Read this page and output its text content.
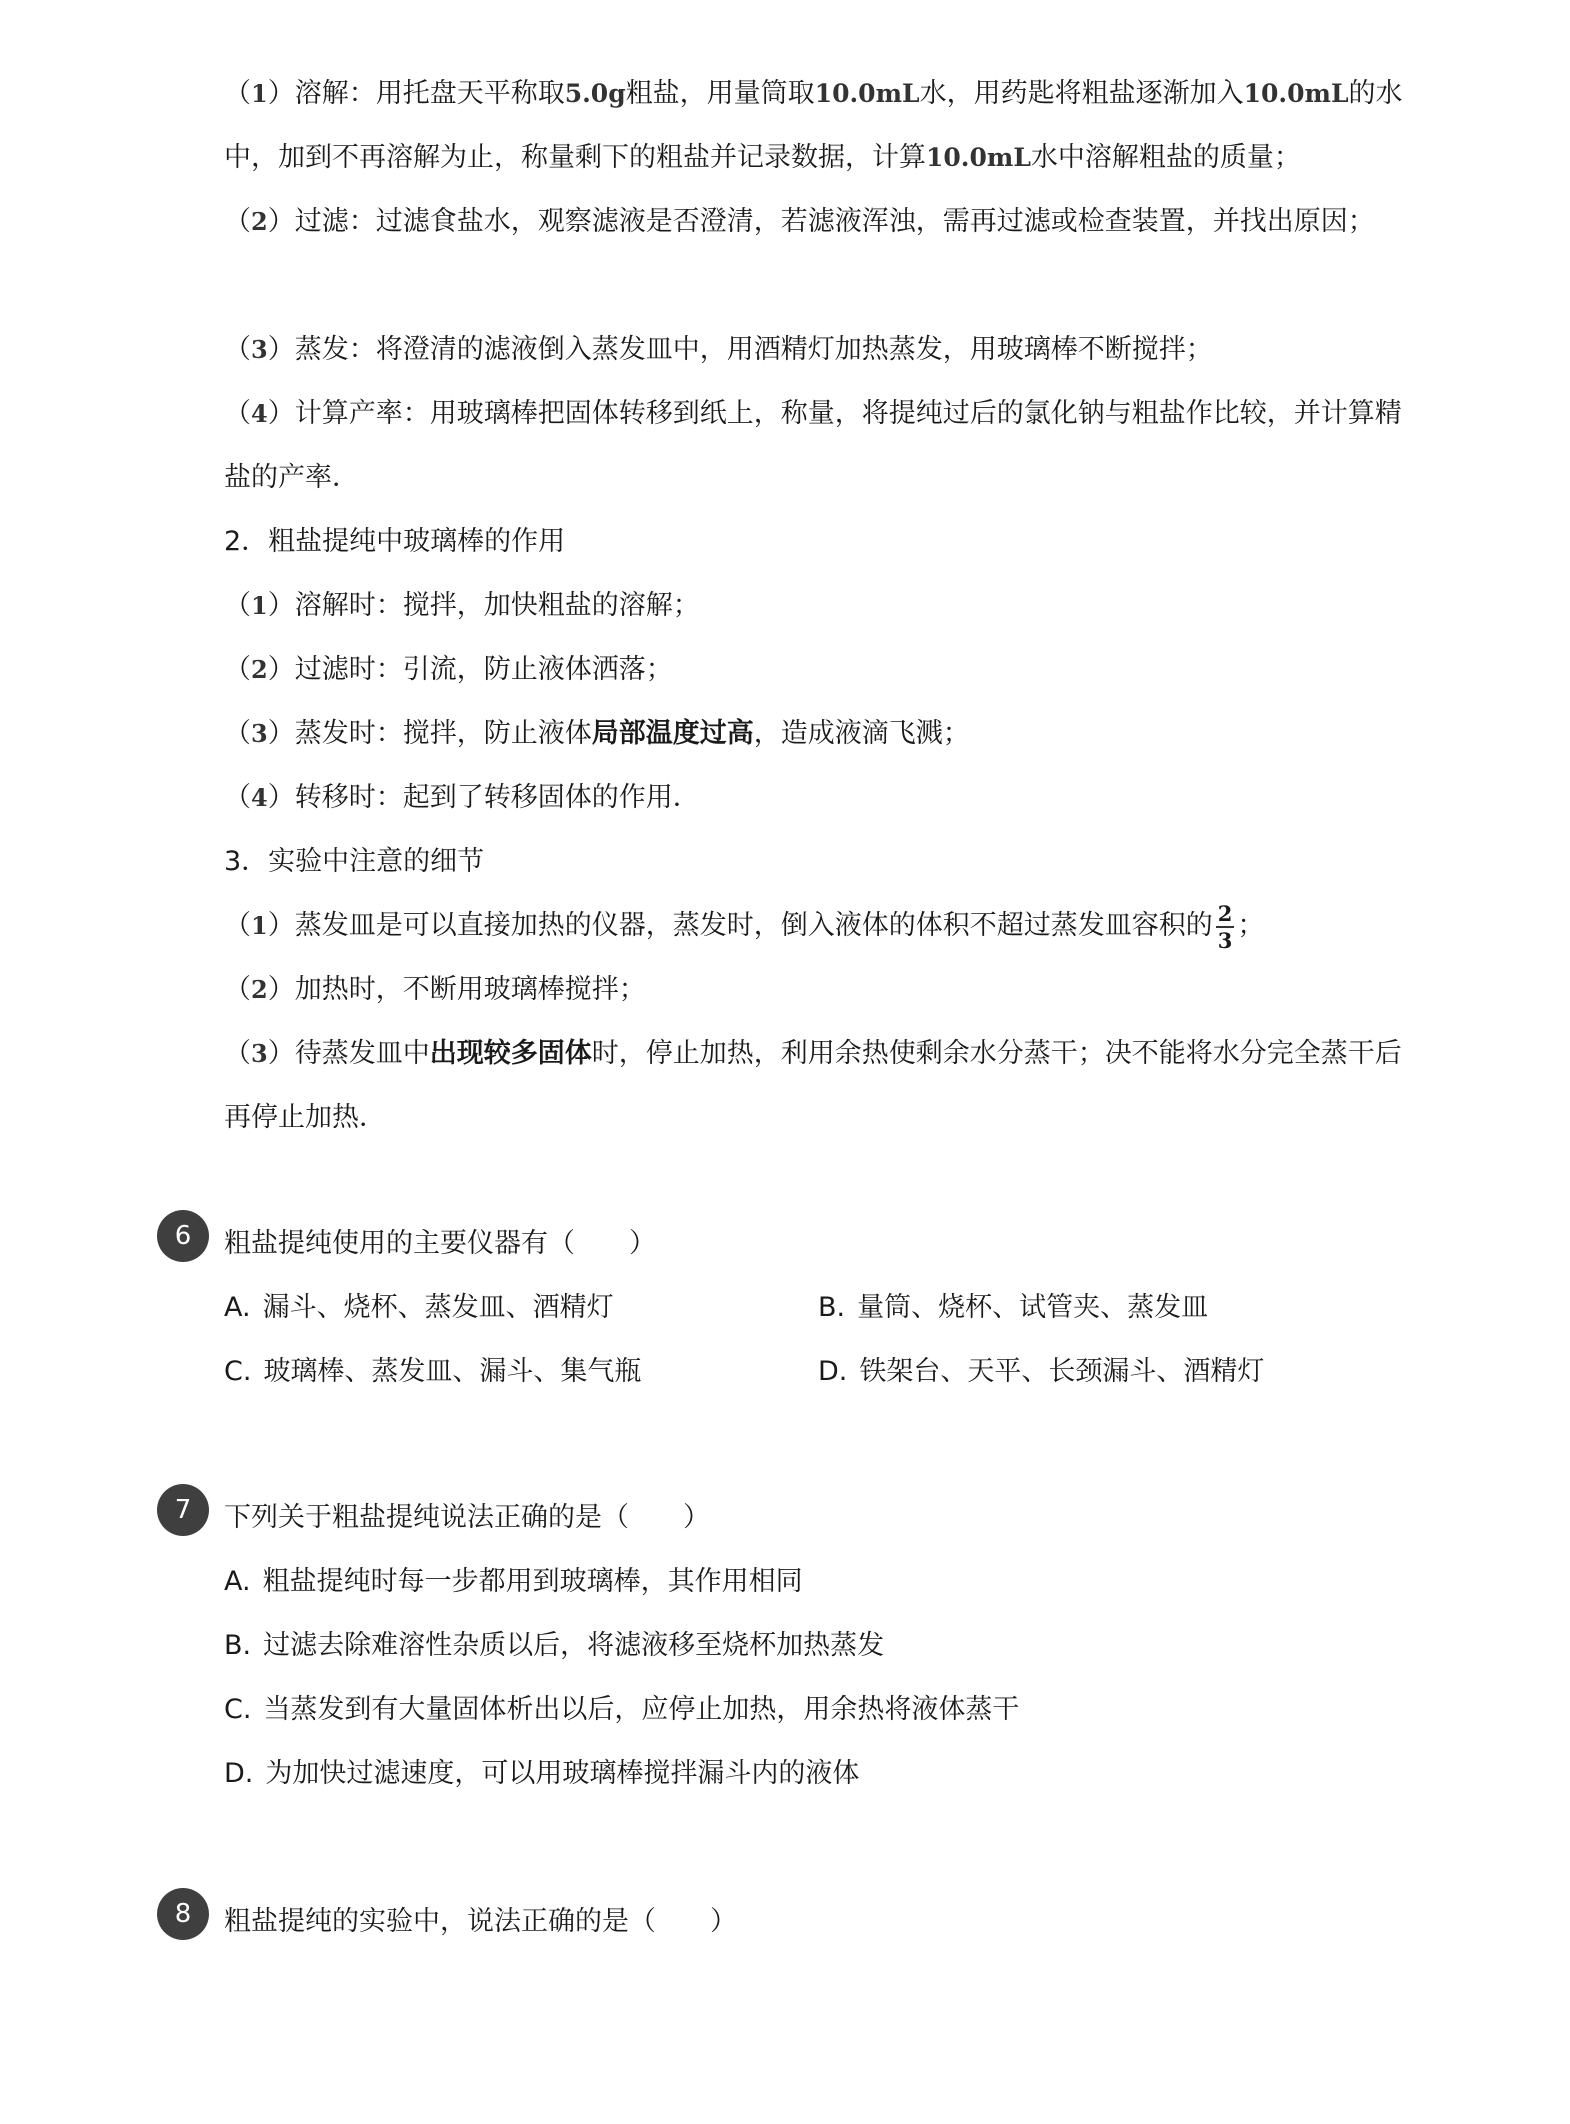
（1）溶解：用托盘天平称取5.0g粗盐，用量筒取10.0mL水，用药匙将粗盐逐渐加入10.0mL的水中，加到不再溶解为止，称量剩下的粗盐并记录数据，计算10.0mL水中溶解粗盐的质量；
（2）过滤：过滤食盐水，观察滤液是否澄清，若滤液浑浊，需再过滤或检查装置，并找出原因；
（3）蒸发：将澄清的滤液倒入蒸发皿中，用酒精灯加热蒸发，用玻璃棒不断搅拌；
（4）计算产率：用玻璃棒把固体转移到纸上，称量，将提纯过后的氯化钠与粗盐作比较，并计算精盐的产率．
2．粗盐提纯中玻璃棒的作用
（1）溶解时：搅拌，加快粗盐的溶解；
（2）过滤时：引流，防止液体洒落；
（3）蒸发时：搅拌，防止液体局部温度过高，造成液滴飞溅；
（4）转移时：起到了转移固体的作用．
3．实验中注意的细节
（1）蒸发皿是可以直接加热的仪器，蒸发时，倒入液体的体积不超过蒸发皿容积的 $\frac{2}{3}$ ；
（2）加热时，不断用玻璃棒搅拌；
（3）待蒸发皿中出现较多固体时，停止加热，利用余热使剩余水分蒸干；决不能将水分完全蒸干后再停止加热．
6	粗盐提纯使用的主要仪器有（　　）
A. 漏斗、烧杯、蒸发皿、酒精灯	B. 量筒、烧杯、试管夹、蒸发皿
C. 玻璃棒、蒸发皿、漏斗、集气瓶	D. 铁架台、天平、长颈漏斗、酒精灯
7	下列关于粗盐提纯说法正确的是（　　）
A. 粗盐提纯时每一步都用到玻璃棒，其作用相同
B. 过滤去除难溶性杂质以后，将滤液移至烧杯加热蒸发
C. 当蒸发到有大量固体析出以后，应停止加热，用余热将液体蒸干
D. 为加快过滤速度，可以用玻璃棒搅拌漏斗内的液体
8	粗盐提纯的实验中，说法正确的是（　　）
